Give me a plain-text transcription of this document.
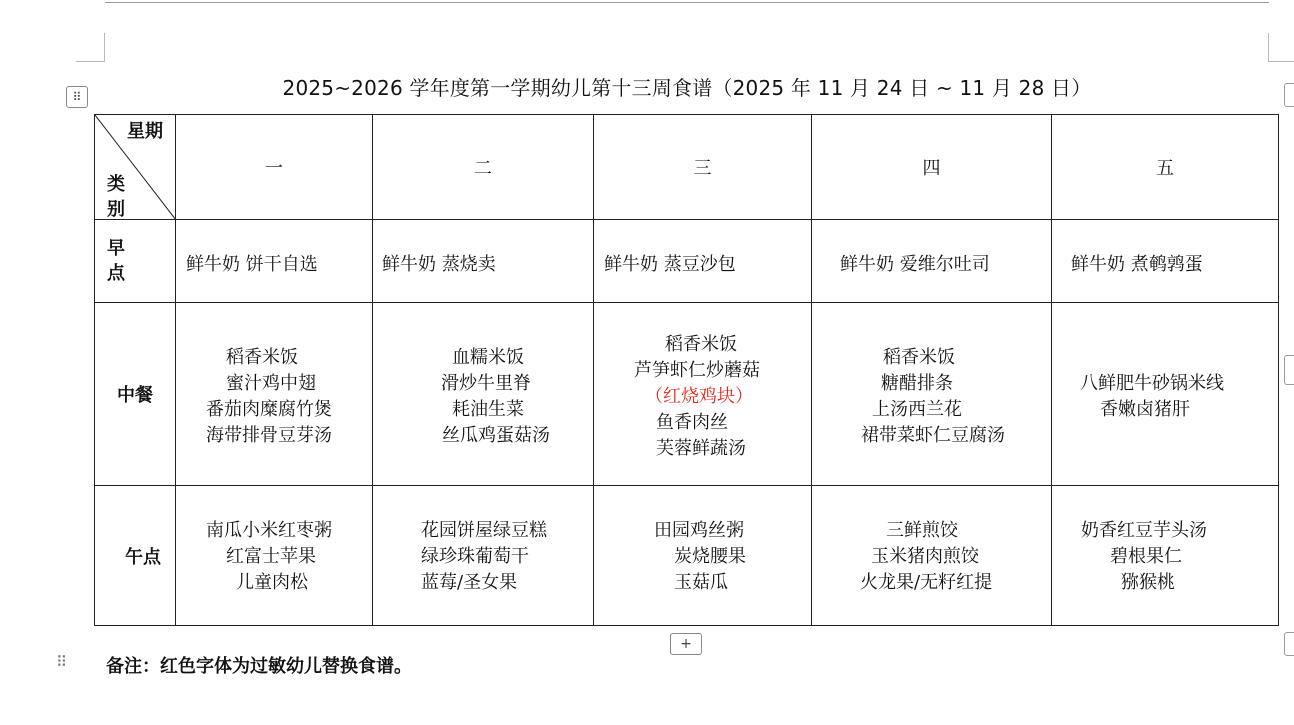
⠿	2025~2026 学年度第一学期幼儿第十三周食谱（2025 年 11 月 24 日 ~ 11 月 28 日）
星期
类
别	一	二	三	四	五

早
点	鲜牛奶 饼干自选	鲜牛奶 蒸烧卖	鲜牛奶 蒸豆沙包	鲜牛奶 爱维尔吐司	鲜牛奶 煮鹌鹑蛋

中餐	稻香米饭
蜜汁鸡中翅
番茄肉糜腐竹煲
海带排骨豆芽汤	血糯米饭
滑炒牛里脊
耗油生菜
丝瓜鸡蛋菇汤	稻香米饭
芦笋虾仁炒蘑菇
（红烧鸡块）
鱼香肉丝
芙蓉鲜蔬汤	稻香米饭
糖醋排条
上汤西兰花
裙带菜虾仁豆腐汤	八鲜肥牛砂锅米线
香嫩卤猪肝

午点	南瓜小米红枣粥
红富士苹果
儿童肉松	花园饼屋绿豆糕
绿珍珠葡萄干
蓝莓/圣女果	田园鸡丝粥
炭烧腰果
玉菇瓜	三鲜煎饺
玉米猪肉煎饺
火龙果/无籽红提	奶香红豆芋头汤
碧根果仁
猕猴桃
+
⠿ 备注：红色字体为过敏幼儿替换食谱。
